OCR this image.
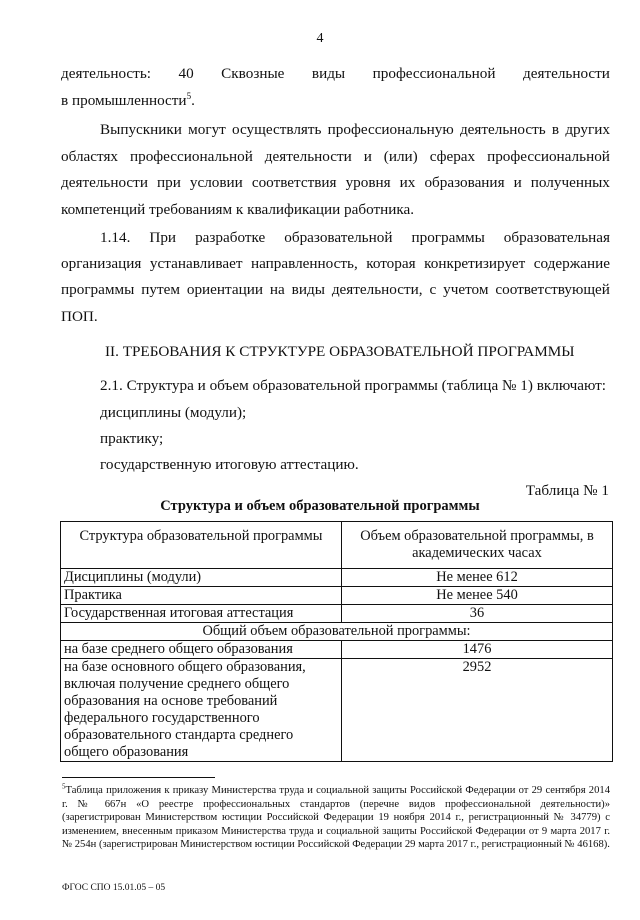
4
деятельность: 40 Сквозные виды профессиональной деятельности
в промышленности$^5$.
Выпускники могут осуществлять профессиональную деятельность в других
областях профессиональной деятельности и (или) сферах профессиональной
деятельности при условии соответствия уровня их образования и полученных
компетенций требованиям к квалификации работника.
1.14. При разработке образовательной программы образовательная
организация устанавливает направленность, которая конкретизирует содержание
программы путем ориентации на виды деятельности, с учетом соответствующей
ПОП.
II. ТРЕБОВАНИЯ К СТРУКТУРЕ ОБРАЗОВАТЕЛЬНОЙ ПРОГРАММЫ
2.1. Структура и объем образовательной программы (таблица № 1) включают:
дисциплины (модули);
практику;
государственную итоговую аттестацию.
Таблица № 1
Структура и объем образовательной программы
Структура образовательной программы	Объем образовательной программы, в академических часах
Дисциплины (модули)	Не менее 612
Практика	Не менее 540
Государственная итоговая аттестация	36
Общий объем образовательной программы:	
на базе среднего общего образования	1476
на базе основного общего образования, включая получение среднего общего образования на основе требований федерального государственного образовательного стандарта среднего общего образования	2952
$^5$Таблица приложения к приказу Министерства труда и социальной защиты Российской Федерации от 29 сентября 2014 г. № 667н «О реестре профессиональных стандартов (перечне видов профессиональной деятельности)» (зарегистрирован Министерством юстиции Российской Федерации 19 ноября 2014 г., регистрационный № 34779) с изменением, внесенным приказом Министерства труда и социальной защиты Российской Федерации от 9 марта 2017 г. № 254н (зарегистрирован Министерством юстиции Российской Федерации 29 марта 2017 г., регистрационный № 46168).
ФГОС СПО 15.01.05 – 05
